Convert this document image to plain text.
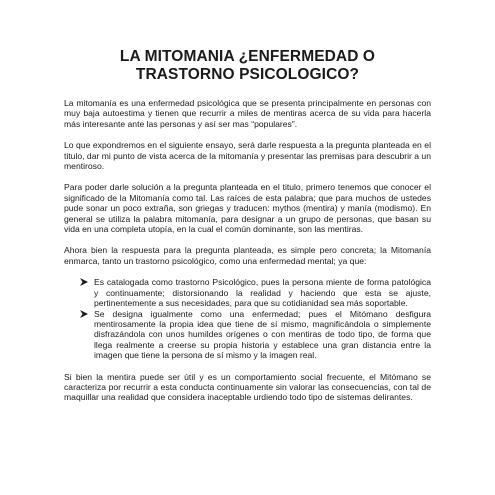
LA MITOMANIA ¿ENFERMEDAD O
TRASTORNO PSICOLOGICO?

La mitomanía es una enfermedad psicológica que se presenta principalmente en personas con muy baja autoestima y tienen que recurrir a miles de mentiras acerca de su vida para hacerla más interesante ante las personas y así ser mas “populares”.

Lo que expondremos en el siguiente ensayo, será darle respuesta a la pregunta planteada en el titulo, dar mi punto de vista acerca de la mitomanía y presentar las premisas para descubrir a un mentiroso.

Para poder darle solución a la pregunta planteada en el titulo, primero tenemos que conocer el significado de la Mitomanía como tal. Las raíces de esta palabra; que para muchos de ustedes pude sonar un poco extraña, son griegas y traducen: mythos (mentira) y manía (modismo). En general se utiliza la palabra mitomanía, para designar a un grupo de personas, que basan su vida en una completa utopía, en la cual el común dominante, son las mentiras.

Ahora bien la respuesta para la pregunta planteada, es simple pero concreta; la Mitomanía enmarca, tanto un trastorno psicológico, como una enfermedad mental; ya que:

Es catalogada como trastorno Psicológico, pues la persona miente de forma patológica y continuamente; distorsionando la realidad y haciendo que esta se ajuste, pertinentemente a sus necesidades, para que su cotidianidad sea más soportable.
Se designa igualmente como una enfermedad; pues el Mitómano desfigura mentirosamente la propia idea que tiene de sí mismo, magnificándola o simplemente disfrazándola con unos humildes orígenes o con mentiras de todo tipo, de forma que llega realmente a creerse su propia historia y establece una gran distancia entre la imagen que tiene la persona de sí mismo y la imagen real.

Si bien la mentira puede ser útil y es un comportamiento social frecuente, el Mitómano se caracteriza por recurrir a esta conducta continuamente sin valorar las consecuencias, con tal de maquillar una realidad que considera inaceptable urdiendo todo tipo de sistemas delirantes.
